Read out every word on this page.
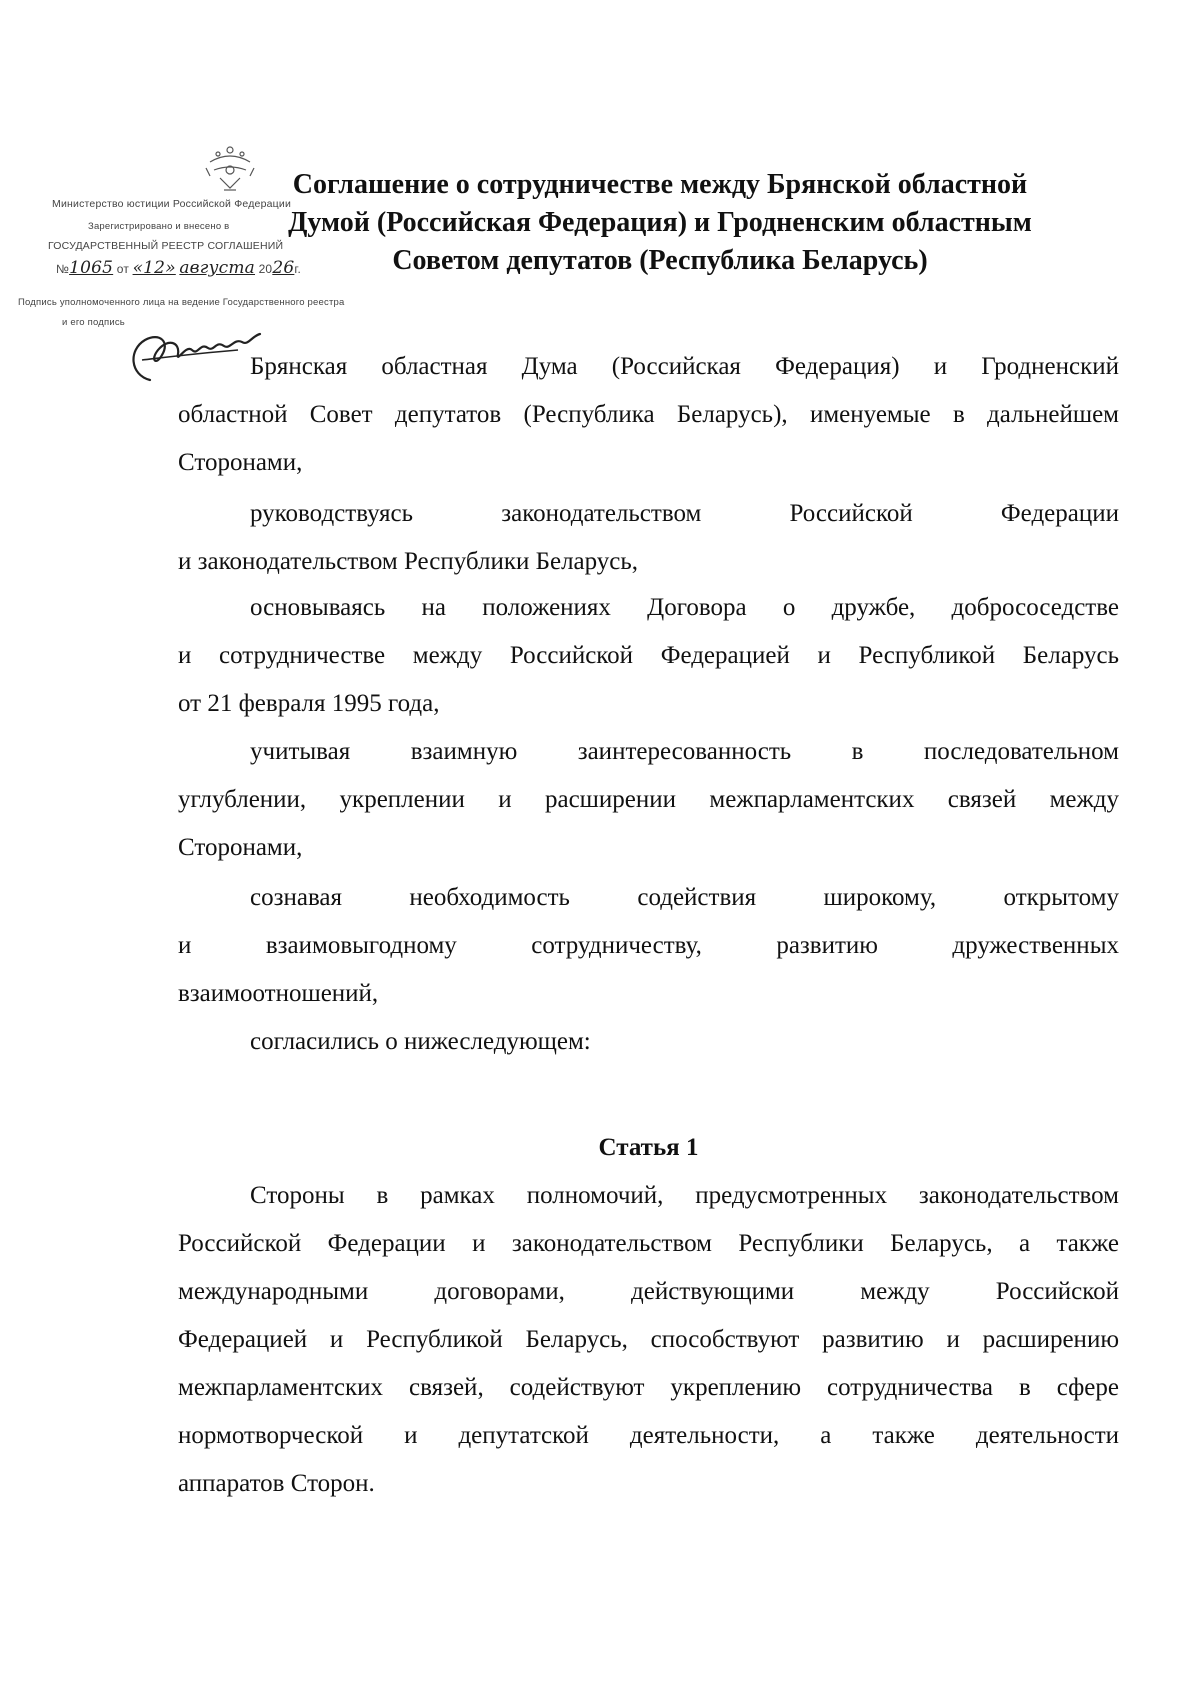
Министерство юстиции Российской Федерации
Зарегистрировано и внесено в
ГОСУДАРСТВЕННЫЙ РЕЕСТР СОГЛАШЕНИЙ
№1065 от «12» августа 2026г.
Подпись уполномоченного лица на ведение Государственного реестра
и его подпись
Соглашение о сотрудничестве между Брянской областной
Думой (Российская Федерация) и Гродненским областным
Советом депутатов (Республика Беларусь)
Брянская областная Дума (Российская Федерация) и Гродненский
областной Совет депутатов (Республика Беларусь), именуемые в дальнейшем
Сторонами,
руководствуясь законодательством Российской Федерации
и законодательством Республики Беларусь,
основываясь на положениях Договора о дружбе, добрососедстве
и сотрудничестве между Российской Федерацией и Республикой Беларусь
от 21 февраля 1995 года,
учитывая взаимную заинтересованность в последовательном
углублении, укреплении и расширении межпарламентских связей между
Сторонами,
сознавая необходимость содействия широкому, открытому
и взаимовыгодному сотрудничеству, развитию дружественных
взаимоотношений,
согласились о нижеследующем:
Статья 1
Стороны в рамках полномочий, предусмотренных законодательством
Российской Федерации и законодательством Республики Беларусь, а также
международными договорами, действующими между Российской
Федерацией и Республикой Беларусь, способствуют развитию и расширению
межпарламентских связей, содействуют укреплению сотрудничества в сфере
нормотворческой и депутатской деятельности, а также деятельности
аппаратов Сторон.
